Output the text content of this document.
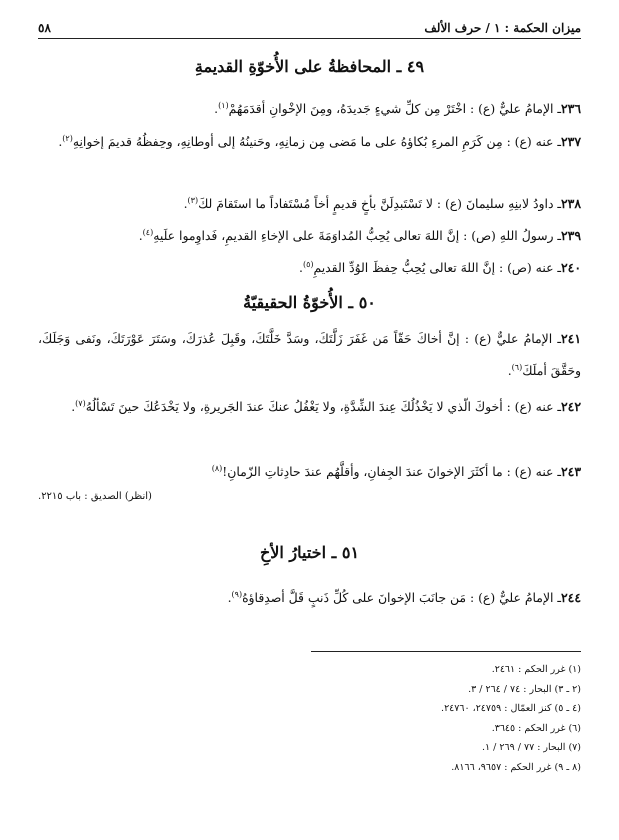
ميزان الحكمة : ١ / حرف الألف
٥٨
٤٩ ـ المحافظةُ على الأُخوّةِ القديمةِ
٢٣٦ـ الإمامُ عليٌّ (ع) : اخْتَرْ مِن كلِّ شيءٍ جَديدَهُ، ومِنَ الإخْوانِ أقدَمَهُمْ$^{(١)}$.
٢٣٧ـ عنه (ع) : مِن كَرَمِ المرءِ بُكاؤهُ على ما مَضى مِن زمانِهِ، وحَنينُهُ إلى أوطانِهِ، وحِفظُهُ قديمَ إخوانِهِ$^{(٢)}$.
٢٣٨ـ داودُ لابنِهِ سليمانَ (ع) : لا تَسْتَبدِلَنَّ بأخٍ قديمٍ أخاً مُسْتَفاداً ما استَقامَ لكَ$^{(٣)}$.
٢٣٩ـ رسولُ اللهِ (ص) : إنَّ اللهَ تعالى يُحِبُّ المُداوَمَةَ على الإخاءِ القديمِ، فَداوِموا علَيهِ$^{(٤)}$.
٢٤٠ـ عنه (ص) : إنَّ اللهَ تعالى يُحِبُّ حِفظَ الوُدِّ القديمِ$^{(٥)}$.
٥٠ ـ الأُخوّةُ الحقيقيّةُ
٢٤١ـ الإمامُ عليٌّ (ع) : إنَّ أخاكَ حَقّاً مَن غَفَرَ زَلَّتَكَ، وسَدَّ خَلَّتَكَ، وقَبِلَ عُذرَكَ، وسَتَرَ عَوْرَتَكَ، ونَفى وَجَلَكَ، وحَقَّقَ أملَكَ$^{(٦)}$.
٢٤٢ـ عنه (ع) : أخوكَ الّذي لا يَخْذُلُكَ عِندَ الشِّدَّةِ، ولا يَغْفُلُ عنكَ عندَ الجَريرةِ، ولا يَخْدَعُكَ حينَ تَسْألُهُ$^{(٧)}$.
٢٤٣ـ عنه (ع) : ما أكثَرَ الإخوانَ عندَ الجِفانِ، وأقلَّهُم عندَ حادِثاتِ الزّمانِ!$^{(٨)}$
(انظر) الصديق : باب ٢٢١٥.
٥١ ـ اختيارُ الأخِ
٢٤٤ـ الإمامُ عليٌّ (ع) : مَن جانَبَ الإخوانَ على كُلِّ ذَنبٍ قَلَّ أصدِقاؤهُ$^{(٩)}$.
(١) غرر الحكم : ٢٤٦١.
(٢ ـ ٣) البحار : ٧٤ / ٢٦٤ / ٣.
(٤ ـ ٥) كنز العمّال : ٢٤٧٥٩، ٢٤٧٦٠.
(٦) غرر الحكم : ٣٦٤٥.
(٧) البحار : ٧٧ / ٢٦٩ / ١.
(٨ ـ ٩) غرر الحكم : ٩٦٥٧، ٨١٦٦.
